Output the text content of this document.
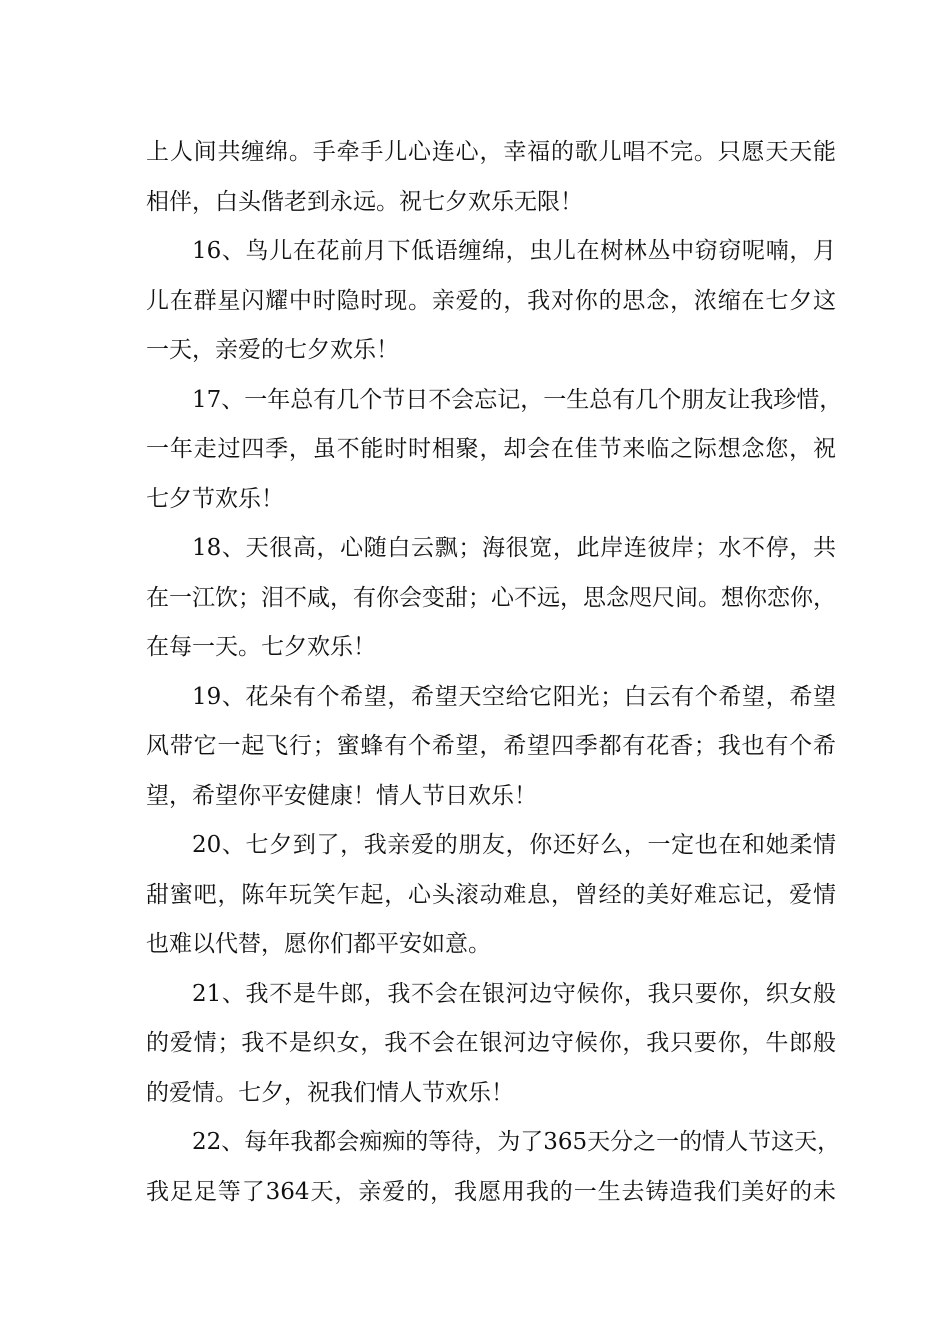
上人间共缠绵。手牵手儿心连心，幸福的歌儿唱不完。只愿天天能
相伴，白头偕老到永远。祝七夕欢乐无限！
16、鸟儿在花前月下低语缠绵，虫儿在树林丛中窃窃呢喃，月
儿在群星闪耀中时隐时现。亲爱的，我对你的思念，浓缩在七夕这
一天，亲爱的七夕欢乐！
17、一年总有几个节日不会忘记，一生总有几个朋友让我珍惜，
一年走过四季，虽不能时时相聚，却会在佳节来临之际想念您，祝
七夕节欢乐！
18、天很高，心随白云飘；海很宽，此岸连彼岸；水不停，共
在一江饮；泪不咸，有你会变甜；心不远，思念咫尺间。想你恋你，
在每一天。七夕欢乐！
19、花朵有个希望，希望天空给它阳光；白云有个希望，希望
风带它一起飞行；蜜蜂有个希望，希望四季都有花香；我也有个希
望，希望你平安健康！情人节日欢乐！
20、七夕到了，我亲爱的朋友，你还好么，一定也在和她柔情
甜蜜吧，陈年玩笑乍起，心头滚动难息，曾经的美好难忘记，爱情
也难以代替，愿你们都平安如意。
21、我不是牛郎，我不会在银河边守候你，我只要你，织女般
的爱情；我不是织女，我不会在银河边守候你，我只要你，牛郎般
的爱情。七夕，祝我们情人节欢乐！
22、每年我都会痴痴的等待，为了365天分之一的情人节这天，
我足足等了364天，亲爱的，我愿用我的一生去铸造我们美好的未
